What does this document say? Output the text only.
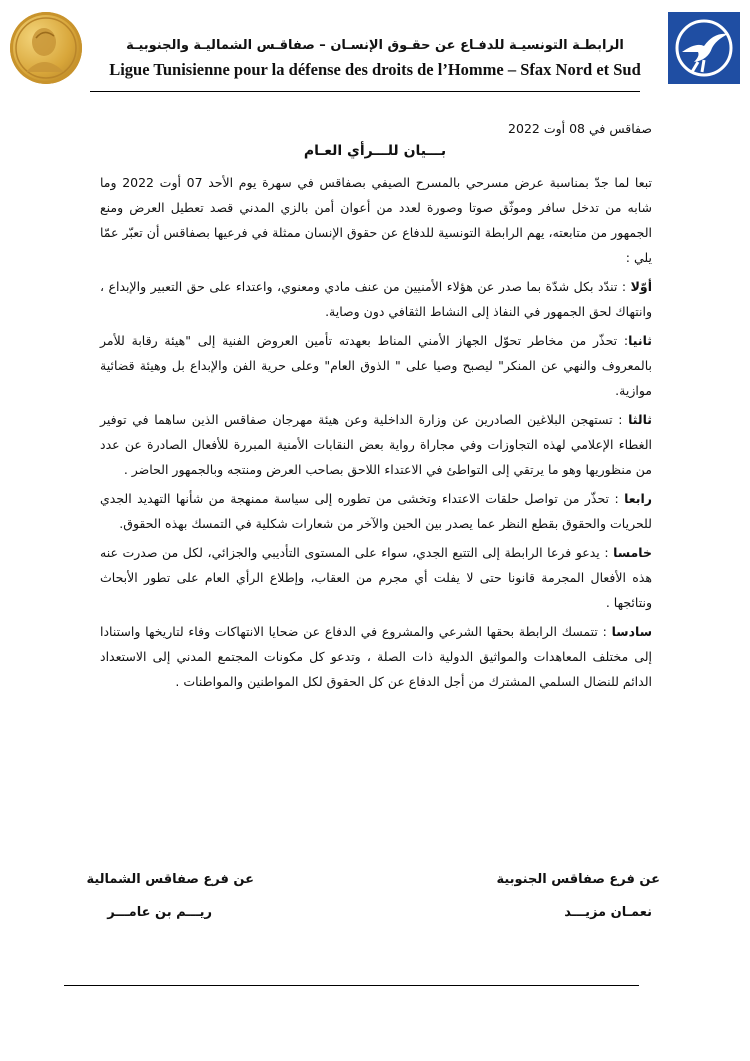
الرابطـة التونسيـة للدفـاع عن حقـوق الإنسـان – صفاقـس الشماليـة والجنوبيـة
Ligue Tunisienne pour la défense des droits de l’Homme – Sfax Nord et Sud
صفاقس في 08 أوت 2022
بـــيان للـــرأي العـام

تبعا لما جدّ بمناسبة عرض مسرحي بالمسرح الصيفي بصفاقس في سهرة يوم الأحد 07 أوت 2022 وما شابه من تدخل سافر وموثّق صوتا وصورة لعدد من أعوان أمن بالزي المدني قصد تعطيل العرض ومنع الجمهور من متابعته، يهم الرابطة التونسية للدفاع عن حقوق الإنسان ممثلة في فرعيها بصفاقس أن تعبّر عمّا يلي :

أوّلا : تندّد بكل شدّة بما صدر عن هؤلاء الأمنيين من عنف مادي ومعنوي، واعتداء على حق التعبير والإبداع ، وانتهاك لحق الجمهور في النفاذ إلى النشاط الثقافي دون وصاية.

ثانيا: تحذّر من مخاطر تحوّل الجهاز الأمني المناط بعهدته تأمين العروض الفنية إلى "هيئة رقابة للأمر بالمعروف والنهي عن المنكر" ليصبح وصيا على " الذوق العام" وعلى حرية الفن والإبداع بل وهيئة قضائية موازية.

ثالثا : تستهجن البلاغين الصادرين عن وزارة الداخلية وعن هيئة مهرجان صفاقس الذين ساهما في توفير الغطاء الإعلامي لهذه التجاوزات وفي مجاراة رواية بعض النقابات الأمنية المبررة للأفعال الصادرة عن عدد من منظوريها وهو ما يرتقي إلى التواطئ في الاعتداء اللاحق بصاحب العرض ومنتجه وبالجمهور الحاضر .

رابعا : تحذّر من تواصل حلقات الاعتداء وتخشى من تطوره إلى سياسة ممنهجة من شأنها التهديد الجدي للحريات والحقوق بقطع النظر عما يصدر بين الحين والآخر من شعارات شكلية في التمسك بهذه الحقوق.

خامسا : يدعو فرعا الرابطة إلى التتبع الجدي، سواء على المستوى التأديبي والجزائي، لكل من صدرت عنه هذه الأفعال المجرمة قانونا حتى لا يفلت أي مجرم من العقاب، وإطلاع الرأي العام على تطور الأبحاث ونتائجها .

سادسا : تتمسك الرابطة بحقها الشرعي والمشروع في الدفاع عن ضحايا الانتهاكات وفاء لتاريخها واستنادا إلى مختلف المعاهدات والمواثيق الدولية ذات الصلة ، وتدعو كل مكونات المجتمع المدني إلى الاستعداد الدائم للنضال السلمي المشترك من أجل الدفاع عن كل الحقوق لكل المواطنين والمواطنات .

عن فرع صفاقس الشمالية
ريـــم بن عامـــر
عن فرع صفاقس الجنوبية
نعمـان مزيـــد
